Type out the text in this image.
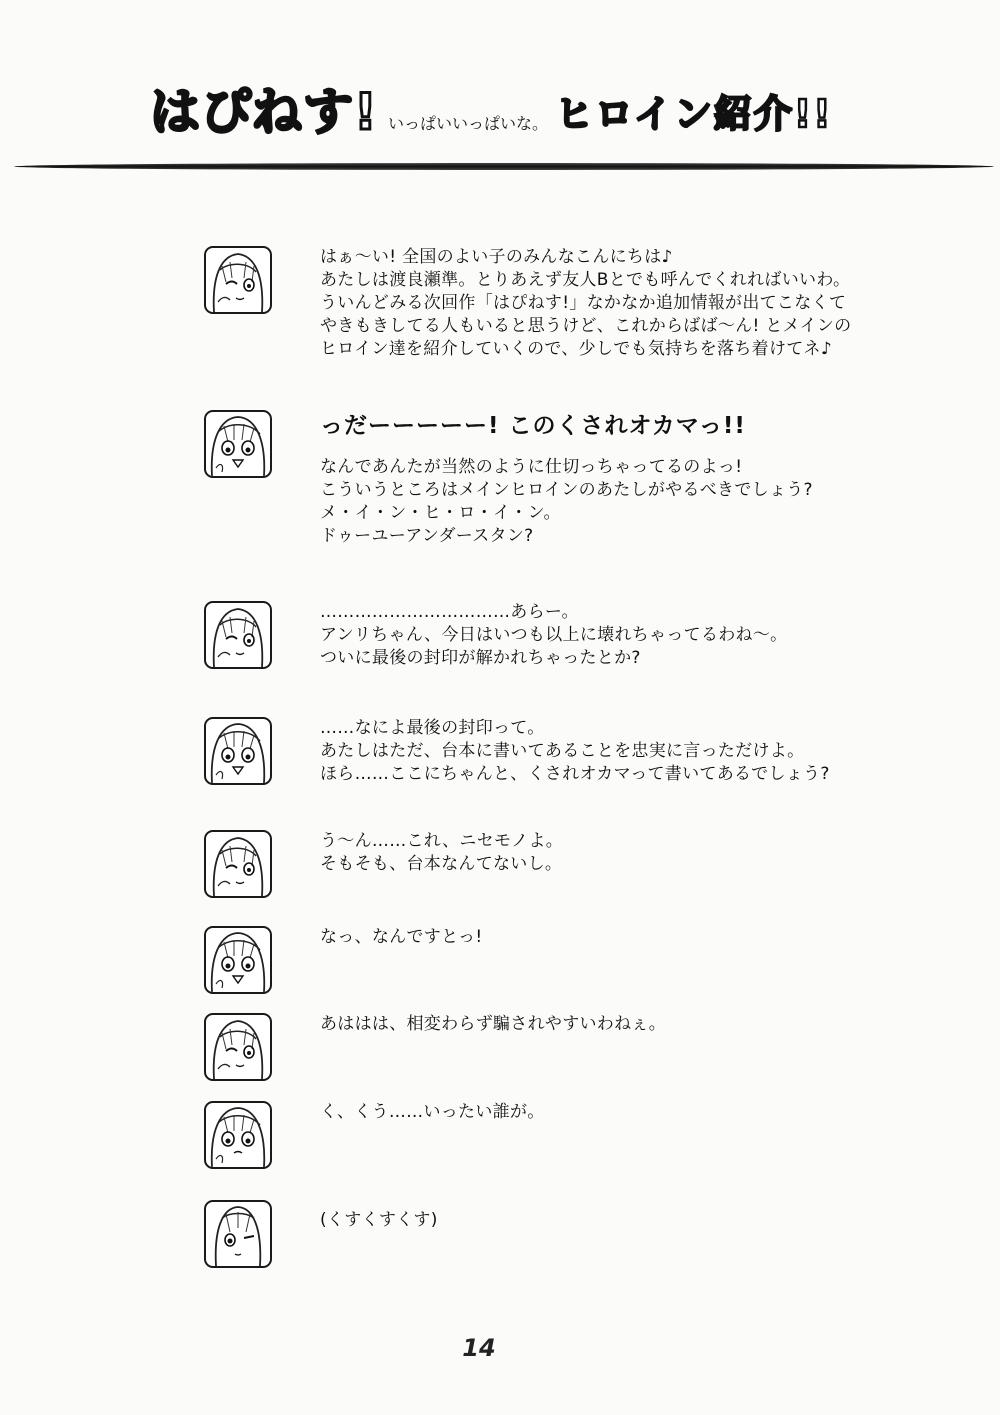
はぴねす! いっぱいいっぱいな。 ヒロイン紹介!!
はぁ〜い! 全国のよい子のみんなこんにちは♪
あたしは渡良瀬準。とりあえず友人Bとでも呼んでくれればいいわ。
ういんどみる次回作「はぴねす!」なかなか追加情報が出てこなくて
やきもきしてる人もいると思うけど、これからばば〜ん! とメインの
ヒロイン達を紹介していくので、少しでも気持ちを落ち着けてネ♪
っだーーーーー! このくされオカマっ!!
なんであんたが当然のように仕切っちゃってるのよっ!
こういうところはメインヒロインのあたしがやるべきでしょう?
メ・イ・ン・ヒ・ロ・イ・ン。
ドゥーユーアンダースタン?
……………………………あらー。
アンリちゃん、今日はいつも以上に壊れちゃってるわね〜。
ついに最後の封印が解かれちゃったとか?
……なによ最後の封印って。
あたしはただ、台本に書いてあることを忠実に言っただけよ。
ほら……ここにちゃんと、くされオカマって書いてあるでしょう?
う〜ん……これ、ニセモノよ。
そもそも、台本なんてないし。
なっ、なんですとっ!
あははは、相変わらず騙されやすいわねぇ。
く、くう……いったい誰が。
(くすくすくす)
14
